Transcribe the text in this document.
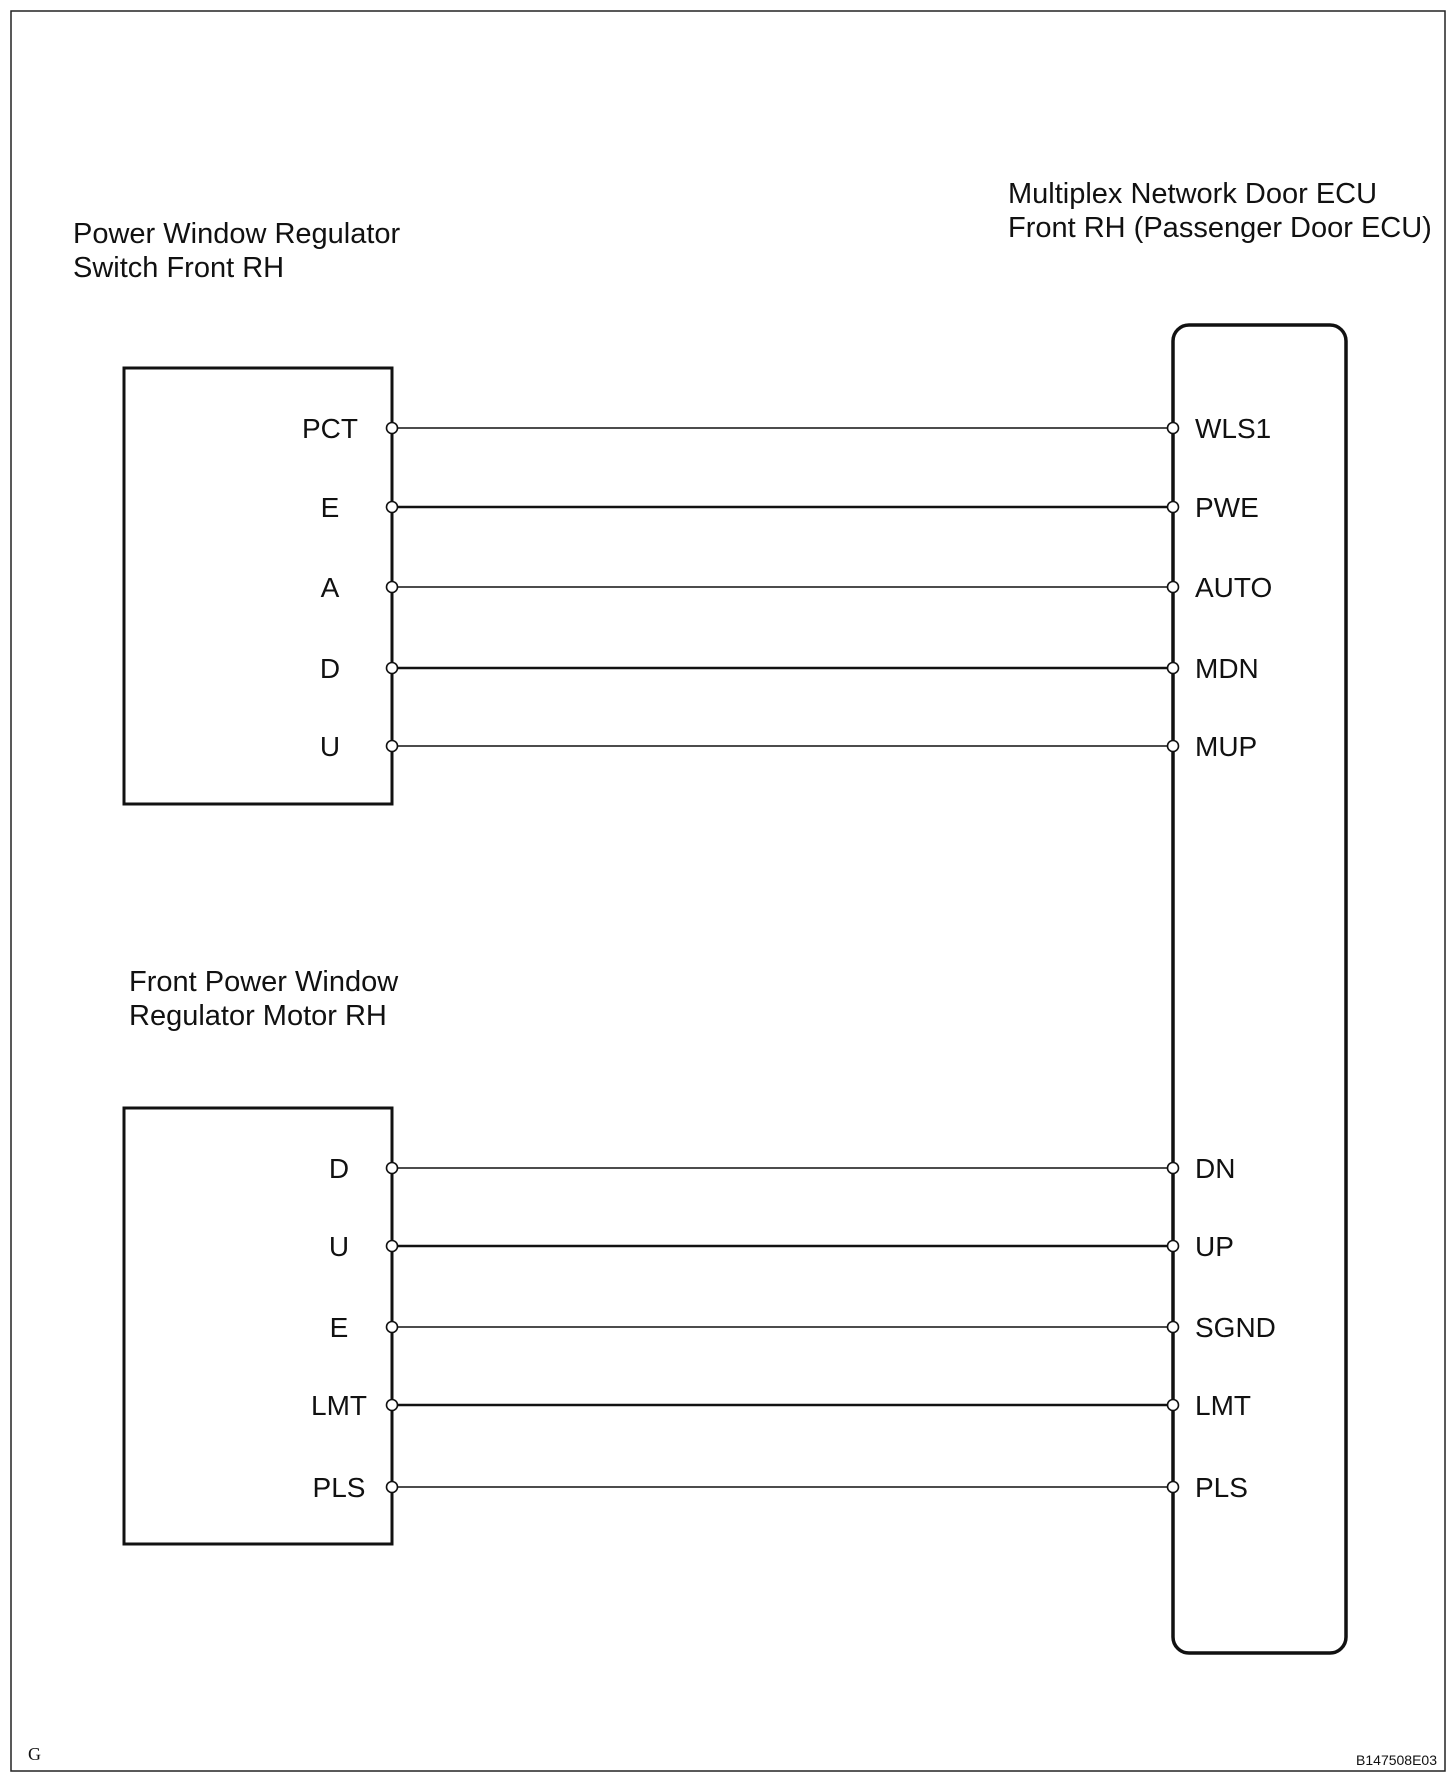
Power Window Regulator Switch Front RH
Front Power Window Regulator Motor RH
Multiplex Network Door ECU Front RH (Passenger Door ECU)
PCT	WLS1
E	PWE
A	AUTO
D	MDN
U	MUP
D	DN
U	UP
E	SGND
LMT	LMT
PLS	PLS
G	B147508E03
